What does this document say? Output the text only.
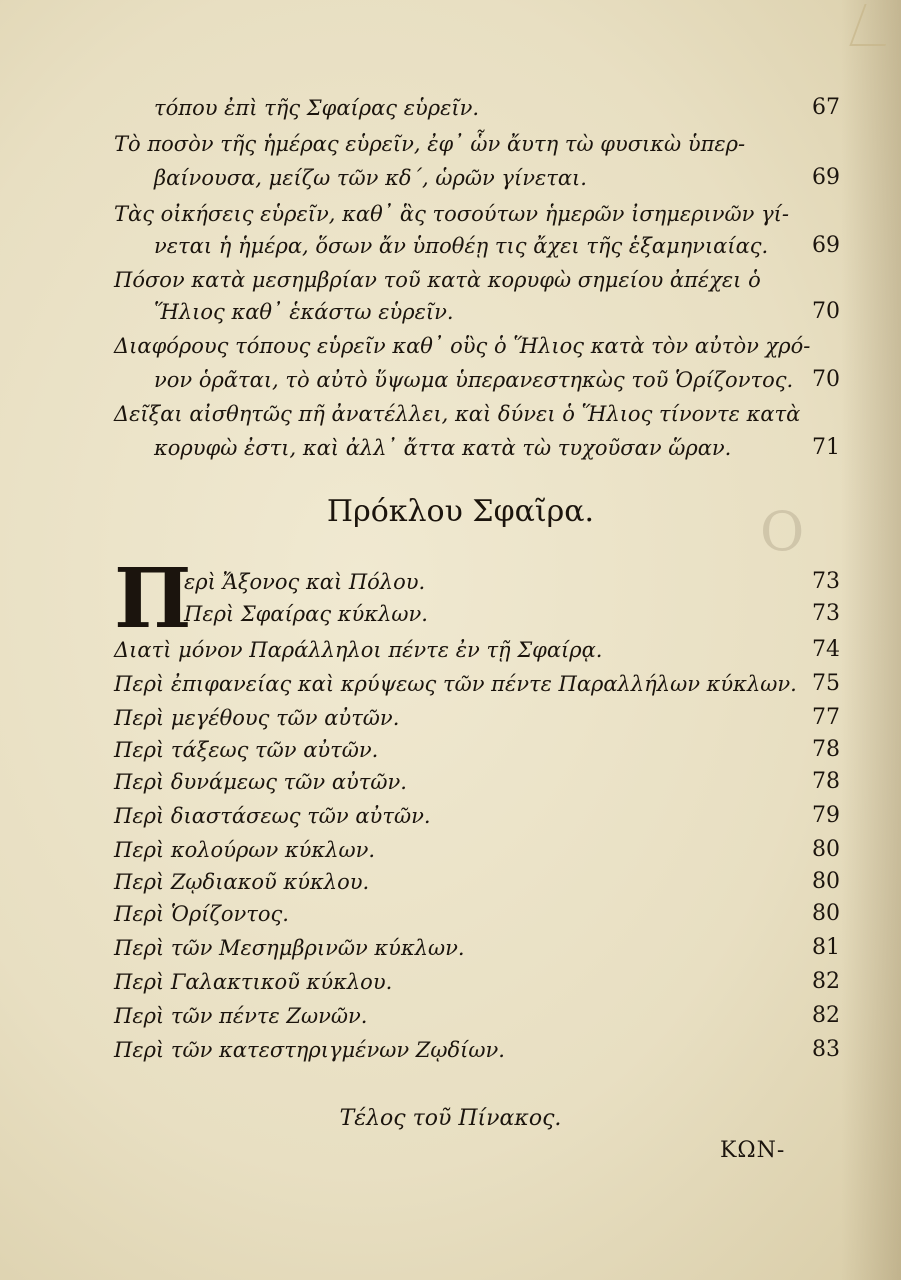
Ο
τόπου ἐπὶ τῆς Σφαίρας εὑρεῖν.	67
Τὸ ποσὸν τῆς ἡμέρας εὑρεῖν, ἐφ᾽ ὧν ἄυτη τὼ φυσικὼ ὑπερ-
βαίνουσα, μείζω τῶν κδ´, ὡρῶν γίνεται.	69
Τὰς οἰκήσεις εὑρεῖν, καθ᾽ ἃς τοσούτων ἡμερῶν ἰσημερινῶν γί-
νεται ἡ ἡμέρα, ὅσων ἄν ὑποθέῃ τις ἄχει τῆς ἑξαμηνιαίας.	69
Πόσον κατὰ μεσημβρίαν τοῦ κατὰ κορυφὼ σημείου ἀπέχει ὁ
Ἥλιος καθ᾽ ἑκάστω εὑρεῖν.	70
Διαφόρους τόπους εὑρεῖν καθ᾽ οὓς ὁ Ἥλιος κατὰ τὸν αὐτὸν χρό-
νον ὁρᾶται, τὸ αὐτὸ ὕψωμα ὑπερανεστηκὼς τοῦ Ὁρίζοντος. 70
Δεῖξαι αἰσθητῶς πῆ ἀνατέλλει, καὶ δύνει ὁ Ἥλιος τίνοντε κατὰ
κορυφὼ ἐστι, καὶ ἀλλ᾽ ἄττα κατὰ τὼ τυχοῦσαν ὥραν.	71
Πρόκλου Σφαῖρα.
Π
ερὶ Ἄξονος καὶ Πόλου.	73
Περὶ Σφαίρας κύκλων.	73
Διατὶ μόνον Παράλληλοι πέντε ἐν τῇ Σφαίρᾳ.	74
Περὶ ἐπιφανείας καὶ κρύψεως τῶν πέντε Παραλλήλων κύκλων. 75
Περὶ μεγέθους τῶν αὐτῶν.	77
Περὶ τάξεως τῶν αὐτῶν.	78
Περὶ δυνάμεως τῶν αὐτῶν.	78
Περὶ διαστάσεως τῶν αὐτῶν.	79
Περὶ κολούρων κύκλων.	80
Περὶ Ζῳδιακοῦ κύκλου.	80
Περὶ Ὁρίζοντος.	80
Περὶ τῶν Μεσημβρινῶν κύκλων.	81
Περὶ Γαλακτικοῦ κύκλου.	82
Περὶ τῶν πέντε Ζωνῶν.	82
Περὶ τῶν κατεστηριγμένων Ζῳδίων.	83
Τέλος τοῦ Πίνακος.
ΚΩΝ-
